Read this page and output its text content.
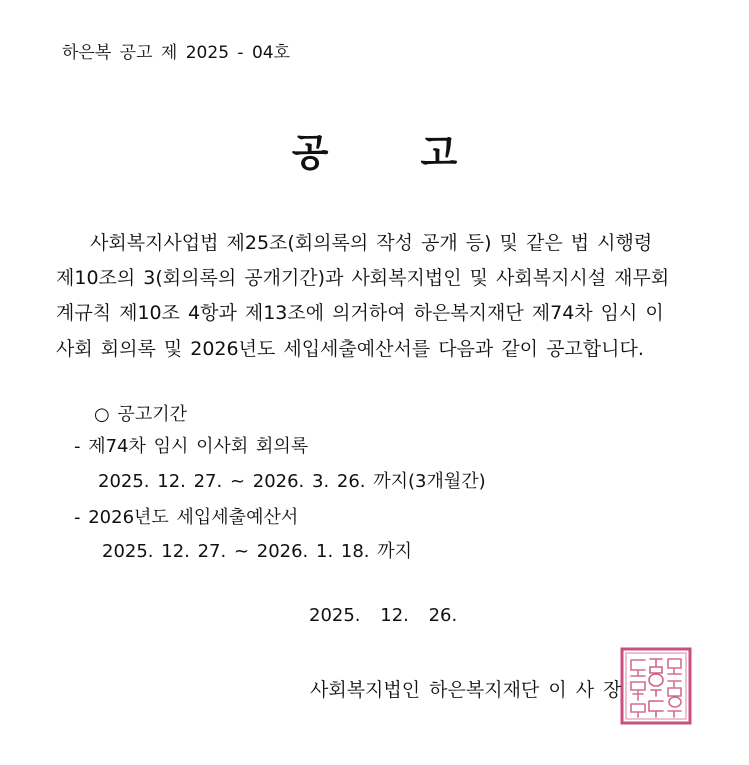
하은복 공고 제 2025 - 04호
공 고
사회복지사업법 제25조(회의록의 작성 공개 등) 및 같은 법 시행령
제10조의 3(회의록의 공개기간)과 사회복지법인 및 사회복지시설 재무회
계규칙 제10조 4항과 제13조에 의거하여 하은복지재단 제74차 임시 이
사회 회의록 및 2026년도 세입세출예산서를 다음과 같이 공고합니다.
○ 공고기간
- 제74차 임시 이사회 회의록
2025. 12. 27. ~ 2026. 3. 26. 까지(3개월간)
- 2026년도 세입세출예산서
2025. 12. 27. ~ 2026. 1. 18. 까지
2025. 12. 26.
사회복지법인 하은복지재단 이 사 장
